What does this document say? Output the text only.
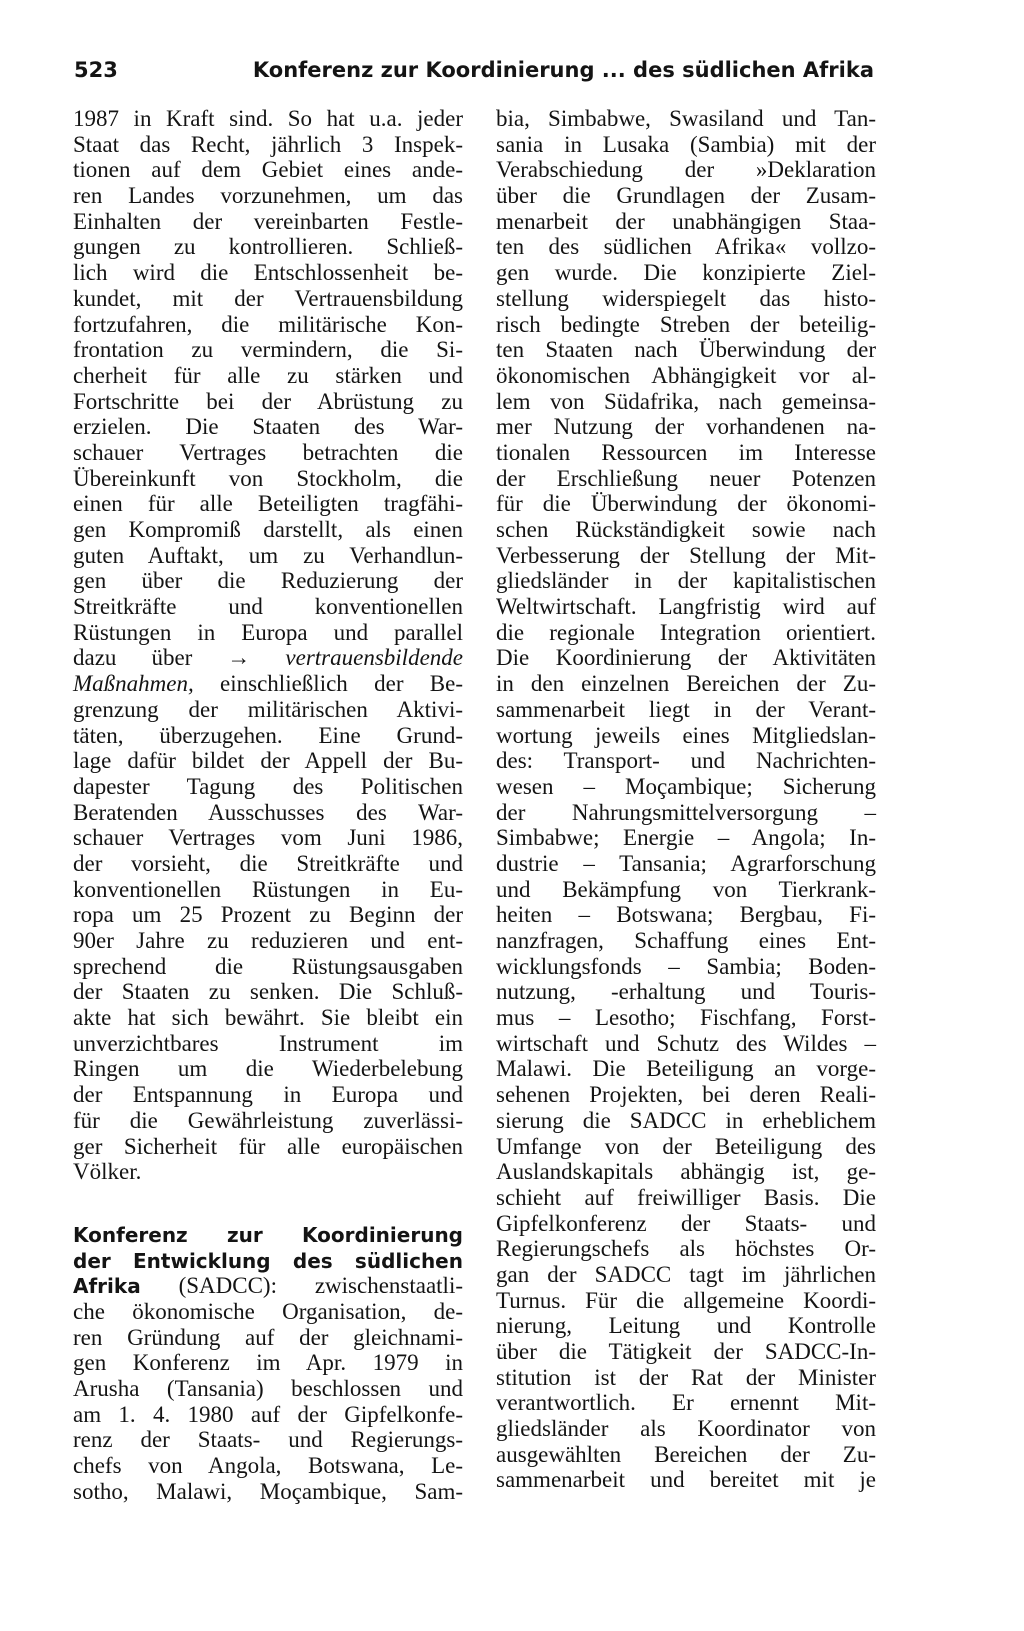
523	Konferenz zur Koordinierung ... des südlichen Afrika
1987 in Kraft sind. So hat u.a. jeder
Staat das Recht, jährlich 3 Inspek-
tionen auf dem Gebiet eines ande-
ren Landes vorzunehmen, um das
Einhalten der vereinbarten Festle-
gungen zu kontrollieren. Schließ-
lich wird die Entschlossenheit be-
kundet, mit der Vertrauensbildung
fortzufahren, die militärische Kon-
frontation zu vermindern, die Si-
cherheit für alle zu stärken und
Fortschritte bei der Abrüstung zu
erzielen. Die Staaten des War-
schauer Vertrages betrachten die
Übereinkunft von Stockholm, die
einen für alle Beteiligten tragfähi-
gen Kompromiß darstellt, als einen
guten Auftakt, um zu Verhandlun-
gen über die Reduzierung der
Streitkräfte und konventionellen
Rüstungen in Europa und parallel
dazu über → vertrauensbildende
Maßnahmen, einschließlich der Be-
grenzung der militärischen Aktivi-
täten, überzugehen. Eine Grund-
lage dafür bildet der Appell der Bu-
dapester Tagung des Politischen
Beratenden Ausschusses des War-
schauer Vertrages vom Juni 1986,
der vorsieht, die Streitkräfte und
konventionellen Rüstungen in Eu-
ropa um 25 Prozent zu Beginn der
90er Jahre zu reduzieren und ent-
sprechend die Rüstungsausgaben
der Staaten zu senken. Die Schluß-
akte hat sich bewährt. Sie bleibt ein
unverzichtbares Instrument im
Ringen um die Wiederbelebung
der Entspannung in Europa und
für die Gewährleistung zuverlässi-
ger Sicherheit für alle europäischen
Völker.
Konferenz zur Koordinierung
der Entwicklung des südlichen
Afrika (SADCC): zwischenstaatli-
che ökonomische Organisation, de-
ren Gründung auf der gleichnami-
gen Konferenz im Apr. 1979 in
Arusha (Tansania) beschlossen und
am 1. 4. 1980 auf der Gipfelkonfe-
renz der Staats- und Regierungs-
chefs von Angola, Botswana, Le-
sotho, Malawi, Moçambique, Sam-
bia, Simbabwe, Swasiland und Tan-
sania in Lusaka (Sambia) mit der
Verabschiedung der »Deklaration
über die Grundlagen der Zusam-
menarbeit der unabhängigen Staa-
ten des südlichen Afrika« vollzo-
gen wurde. Die konzipierte Ziel-
stellung widerspiegelt das histo-
risch bedingte Streben der beteilig-
ten Staaten nach Überwindung der
ökonomischen Abhängigkeit vor al-
lem von Südafrika, nach gemeinsa-
mer Nutzung der vorhandenen na-
tionalen Ressourcen im Interesse
der Erschließung neuer Potenzen
für die Überwindung der ökonomi-
schen Rückständigkeit sowie nach
Verbesserung der Stellung der Mit-
gliedsländer in der kapitalistischen
Weltwirtschaft. Langfristig wird auf
die regionale Integration orientiert.
Die Koordinierung der Aktivitäten
in den einzelnen Bereichen der Zu-
sammenarbeit liegt in der Verant-
wortung jeweils eines Mitgliedslan-
des: Transport- und Nachrichten-
wesen – Moçambique; Sicherung
der Nahrungsmittelversorgung –
Simbabwe; Energie – Angola; In-
dustrie – Tansania; Agrarforschung
und Bekämpfung von Tierkrank-
heiten – Botswana; Bergbau, Fi-
nanzfragen, Schaffung eines Ent-
wicklungsfonds – Sambia; Boden-
nutzung, -erhaltung und Touris-
mus – Lesotho; Fischfang, Forst-
wirtschaft und Schutz des Wildes –
Malawi. Die Beteiligung an vorge-
sehenen Projekten, bei deren Reali-
sierung die SADCC in erheblichem
Umfange von der Beteiligung des
Auslandskapitals abhängig ist, ge-
schieht auf freiwilliger Basis. Die
Gipfelkonferenz der Staats- und
Regierungschefs als höchstes Or-
gan der SADCC tagt im jährlichen
Turnus. Für die allgemeine Koordi-
nierung, Leitung und Kontrolle
über die Tätigkeit der SADCC-In-
stitution ist der Rat der Minister
verantwortlich. Er ernennt Mit-
gliedsländer als Koordinator von
ausgewählten Bereichen der Zu-
sammenarbeit und bereitet mit je
